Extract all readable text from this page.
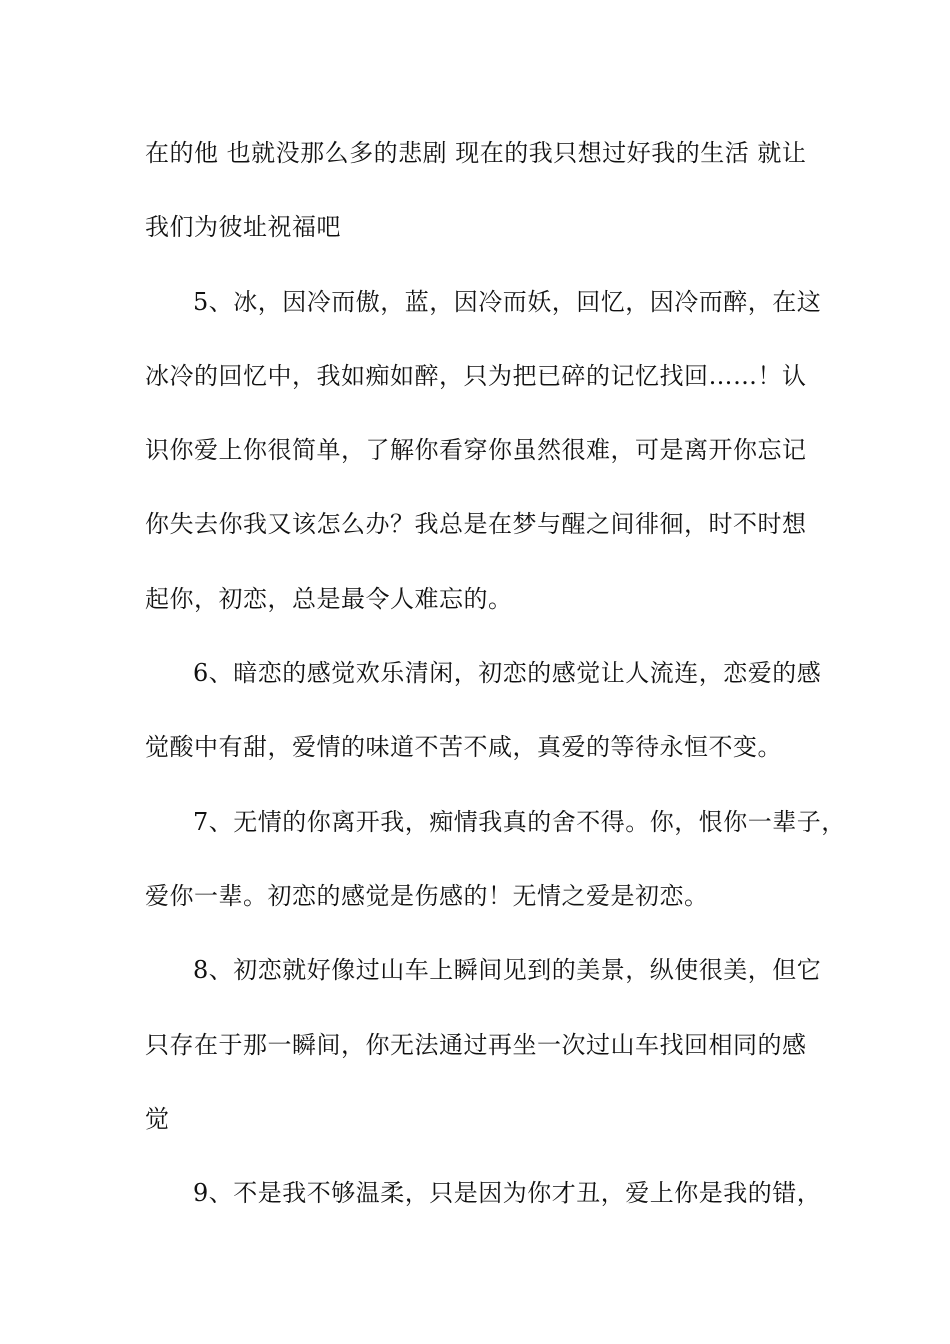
在的他 也就没那么多的悲剧 现在的我只想过好我的生活 就让
我们为彼址祝福吧
5、冰，因冷而傲，蓝，因冷而妖，回忆，因冷而醉，在这
冰冷的回忆中，我如痴如醉，只为把已碎的记忆找回……！认
识你爱上你很简单，了解你看穿你虽然很难，可是离开你忘记
你失去你我又该怎么办？我总是在梦与醒之间徘徊，时不时想
起你，初恋，总是最令人难忘的。
6、暗恋的感觉欢乐清闲，初恋的感觉让人流连，恋爱的感
觉酸中有甜，爱情的味道不苦不咸，真爱的等待永恒不变。
7、无情的你离开我，痴情我真的舍不得。你，恨你一辈子，
爱你一辈。初恋的感觉是伤感的！无情之爱是初恋。
8、初恋就好像过山车上瞬间见到的美景，纵使很美，但它
只存在于那一瞬间，你无法通过再坐一次过山车找回相同的感
觉
9、不是我不够温柔，只是因为你才丑，爱上你是我的错，
